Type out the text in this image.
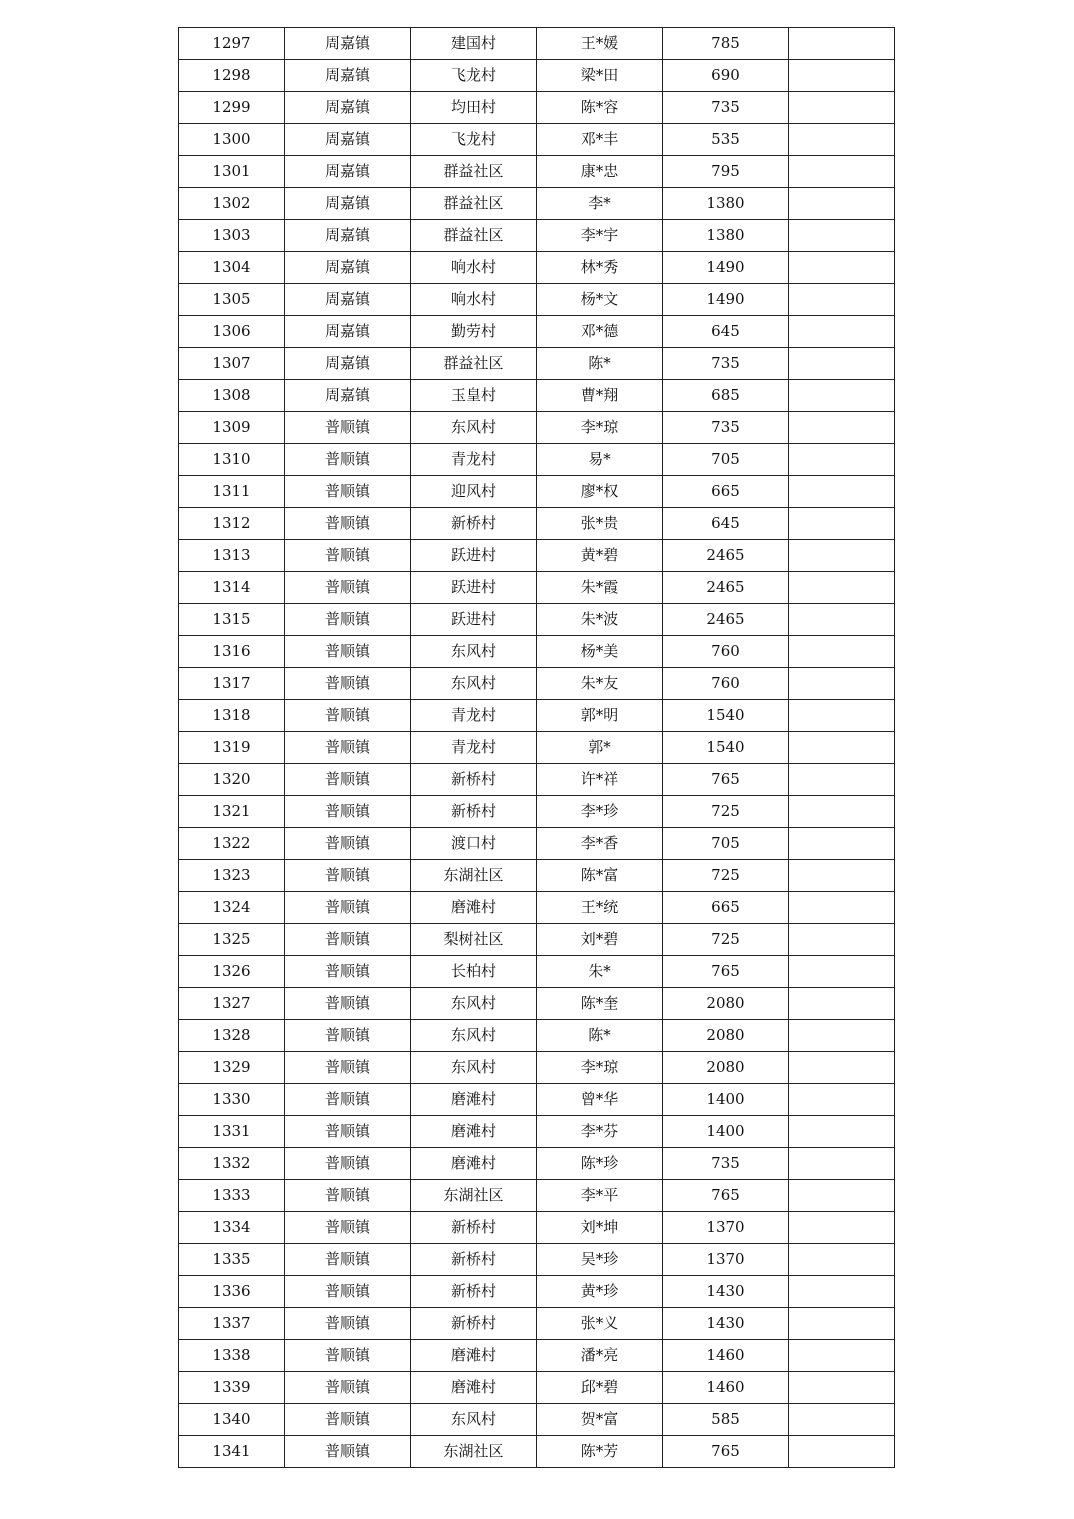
1297	周嘉镇	建国村	王*媛	785	
1298	周嘉镇	飞龙村	梁*田	690	
1299	周嘉镇	均田村	陈*容	735	
1300	周嘉镇	飞龙村	邓*丰	535	
1301	周嘉镇	群益社区	康*忠	795	
1302	周嘉镇	群益社区	李*	1380	
1303	周嘉镇	群益社区	李*宇	1380	
1304	周嘉镇	响水村	林*秀	1490	
1305	周嘉镇	响水村	杨*文	1490	
1306	周嘉镇	勤劳村	邓*德	645	
1307	周嘉镇	群益社区	陈*	735	
1308	周嘉镇	玉皇村	曹*翔	685	
1309	普顺镇	东风村	李*琼	735	
1310	普顺镇	青龙村	易*	705	
1311	普顺镇	迎风村	廖*权	665	
1312	普顺镇	新桥村	张*贵	645	
1313	普顺镇	跃进村	黄*碧	2465	
1314	普顺镇	跃进村	朱*霞	2465	
1315	普顺镇	跃进村	朱*波	2465	
1316	普顺镇	东风村	杨*美	760	
1317	普顺镇	东风村	朱*友	760	
1318	普顺镇	青龙村	郭*明	1540	
1319	普顺镇	青龙村	郭*	1540	
1320	普顺镇	新桥村	许*祥	765	
1321	普顺镇	新桥村	李*珍	725	
1322	普顺镇	渡口村	李*香	705	
1323	普顺镇	东湖社区	陈*富	725	
1324	普顺镇	磨滩村	王*统	665	
1325	普顺镇	梨树社区	刘*碧	725	
1326	普顺镇	长柏村	朱*	765	
1327	普顺镇	东风村	陈*奎	2080	
1328	普顺镇	东风村	陈*	2080	
1329	普顺镇	东风村	李*琼	2080	
1330	普顺镇	磨滩村	曾*华	1400	
1331	普顺镇	磨滩村	李*芬	1400	
1332	普顺镇	磨滩村	陈*珍	735	
1333	普顺镇	东湖社区	李*平	765	
1334	普顺镇	新桥村	刘*坤	1370	
1335	普顺镇	新桥村	吴*珍	1370	
1336	普顺镇	新桥村	黄*珍	1430	
1337	普顺镇	新桥村	张*义	1430	
1338	普顺镇	磨滩村	潘*亮	1460	
1339	普顺镇	磨滩村	邱*碧	1460	
1340	普顺镇	东风村	贺*富	585	
1341	普顺镇	东湖社区	陈*芳	765	
